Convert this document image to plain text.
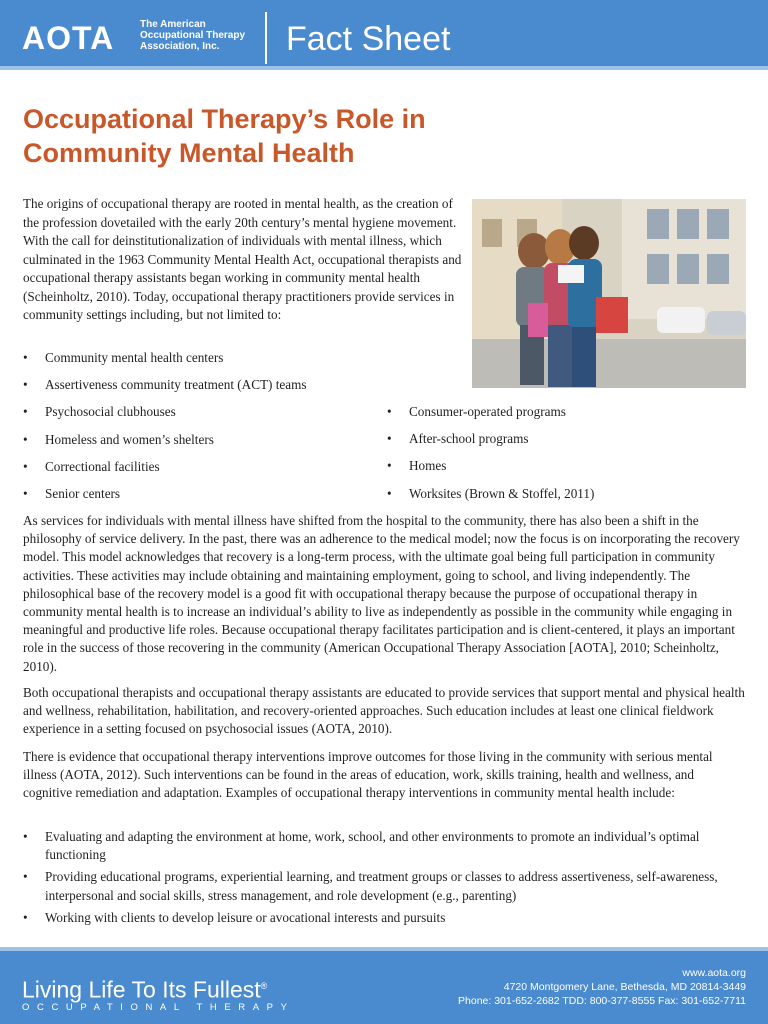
AOTA	The American
Occupational Therapy
Association, Inc.	Fact Sheet
Occupational Therapy’s Role in
Community Mental Health

The origins of occupational therapy are rooted in mental health, as the creation of the profession dovetailed with the early 20th century’s mental hygiene movement. With the call for deinstitutionalization of individuals with mental illness, which culminated in the 1963 Community Mental Health Act, occupational therapists and occupational therapy assistants began working in community mental health (Scheinholtz, 2010). Today, occupational therapy practitioners provide services in community settings including, but not limited to:

• Community mental health centers
• Assertiveness community treatment (ACT) teams
• Psychosocial clubhouses
• Homeless and women’s shelters
• Correctional facilities
• Senior centers
• Consumer-operated programs
• After-school programs
• Homes
• Worksites (Brown & Stoffel, 2011)

As services for individuals with mental illness have shifted from the hospital to the community, there has also been a shift in the philosophy of service delivery. In the past, there was an adherence to the medical model; now the focus is on incorporating the recovery model. This model acknowledges that recovery is a long-term process, with the ultimate goal being full participation in community activities. These activities may include obtaining and maintaining employment, going to school, and living independently. The philosophical base of the recovery model is a good fit with occupational therapy because the purpose of occupational therapy in community mental health is to increase an individual’s ability to live as independently as possible in the community while engaging in meaningful and productive life roles. Because occupational therapy facilitates participation and is client-centered, it plays an important role in the success of those recovering in the community (American Occupational Therapy Association [AOTA], 2010; Scheinholtz, 2010).

Both occupational therapists and occupational therapy assistants are educated to provide services that support mental and physical health and wellness, rehabilitation, habilitation, and recovery-oriented approaches. Such education includes at least one clinical fieldwork experience in a setting focused on psychosocial issues (AOTA, 2010).

There is evidence that occupational therapy interventions improve outcomes for those living in the community with serious mental illness (AOTA, 2012). Such interventions can be found in the areas of education, work, skills training, health and wellness, and cognitive remediation and adaptation. Examples of occupational therapy interventions in community mental health include:

• Evaluating and adapting the environment at home, work, school, and other environments to promote an individual’s optimal functioning
• Providing educational programs, experiential learning, and treatment groups or classes to address assertiveness, self-awareness, interpersonal and social skills, stress management, and role development (e.g., parenting)
• Working with clients to develop leisure or avocational interests and pursuits
Living Life To Its Fullest®
OCCUPATIONAL THERAPY
www.aota.org
4720 Montgomery Lane, Bethesda, MD 20814-3449
Phone: 301-652-2682 TDD: 800-377-8555 Fax: 301-652-7711
